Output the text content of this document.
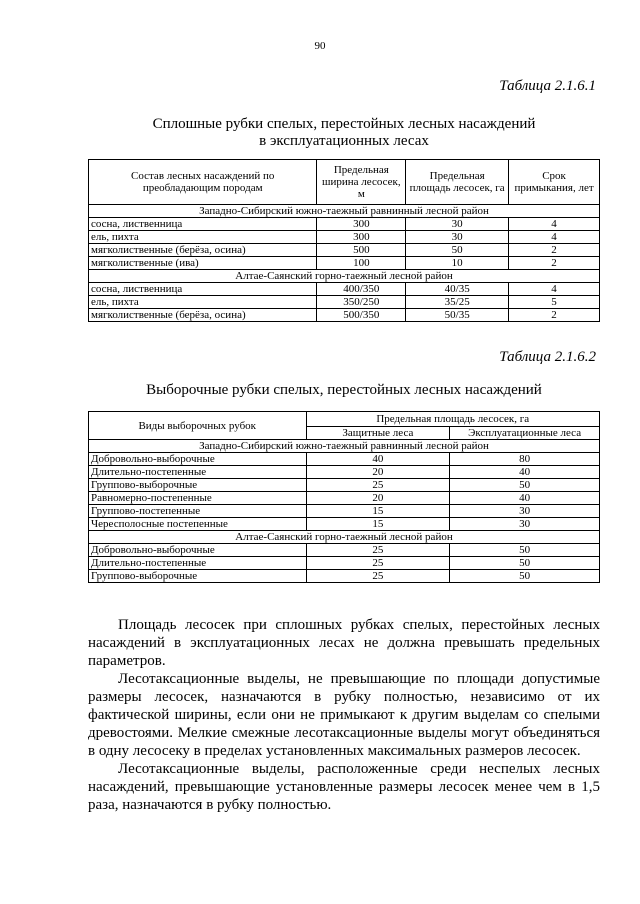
90
Таблица 2.1.6.1
Сплошные рубки спелых, перестойных лесных насаждений
в эксплуатационных лесах
Состав лесных насаждений по преобладающим породам	Предельная ширина лесосек, м	Предельная площадь лесосек, га	Срок примыкания, лет
Западно-Сибирский южно-таежный равнинный лесной район			
сосна, лиственница	300	30	4
ель, пихта	300	30	4
мягколиственные (берёза, осина)	500	50	2
мягколиственные (ива)	100	10	2
Алтае-Саянский горно-таежный лесной район			
сосна, лиственница	400/350	40/35	4
ель, пихта	350/250	35/25	5
мягколиственные (берёза, осина)	500/350	50/35	2
Таблица 2.1.6.2
Выборочные рубки спелых, перестойных лесных насаждений
Виды выборочных рубок	Предельная площадь лесосек, га	
	Защитные леса	Эксплуатационные леса
Западно-Сибирский южно-таежный равнинный лесной район		
Добровольно-выборочные	40	80
Длительно-постепенные	20	40
Группово-выборочные	25	50
Равномерно-постепенные	20	40
Группово-постепенные	15	30
Чересполосные постепенные	15	30
Алтае-Саянский горно-таежный лесной район		
Добровольно-выборочные	25	50
Длительно-постепенные	25	50
Группово-выборочные	25	50

Площадь лесосек при сплошных рубках спелых, перестойных лесных насаждений в эксплуатационных лесах не должна превышать предельных параметров.

Лесотаксационные выделы, не превышающие по площади допустимые размеры лесосек, назначаются в рубку полностью, независимо от их фактической ширины, если они не примыкают к другим выделам со спелыми древостоями. Мелкие смежные лесотаксационные выделы могут объединяться в одну лесосеку в пределах установленных максимальных размеров лесосек.

Лесотаксационные выделы, расположенные среди неспелых лесных насаждений, превышающие установленные размеры лесосек менее чем в 1,5 раза, назначаются в рубку полностью.
